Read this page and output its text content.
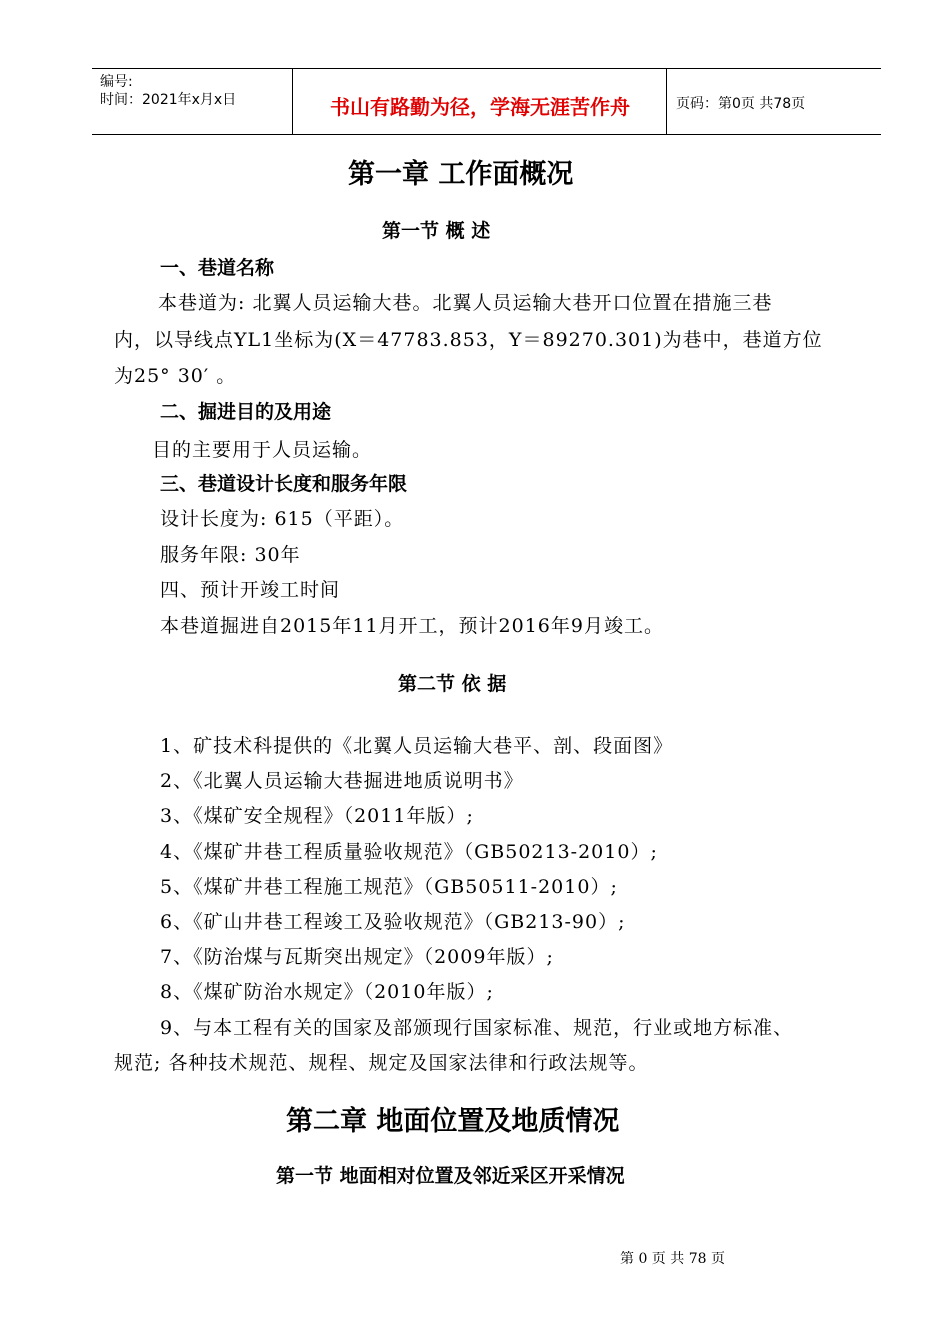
编号:
时间：2021年x月x日	书山有路勤为径，学海无涯苦作舟	页码：第0页 共78页
第一章 工作面概况
第一节 概 述
一、巷道名称
本巷道为: 北翼人员运输大巷。北翼人员运输大巷开口位置在措施三巷
内，以导线点YL1坐标为(X＝47783.853，Y＝89270.301)为巷中，巷道方位
为25° 30′ 。
二、掘进目的及用途
目的主要用于人员运输。
三、巷道设计长度和服务年限
设计长度为: 615（平距）。
服务年限: 30年
四、预计开竣工时间
本巷道掘进自2015年11月开工，预计2016年9月竣工。
第二节 依 据
1、矿技术科提供的《北翼人员运输大巷平、剖、段面图》
2、《北翼人员运输大巷掘进地质说明书》
3、《煤矿安全规程》（2011年版）;
4、《煤矿井巷工程质量验收规范》（GB50213-2010）;
5、《煤矿井巷工程施工规范》（GB50511-2010）;
6、《矿山井巷工程竣工及验收规范》（GB213-90）;
7、《防治煤与瓦斯突出规定》（2009年版）;
8、《煤矿防治水规定》（2010年版）;
9、与本工程有关的国家及部颁现行国家标准、规范，行业或地方标准、
规范; 各种技术规范、规程、规定及国家法律和行政法规等。
第二章 地面位置及地质情况
第一节 地面相对位置及邻近采区开采情况
第 0 页 共 78 页
